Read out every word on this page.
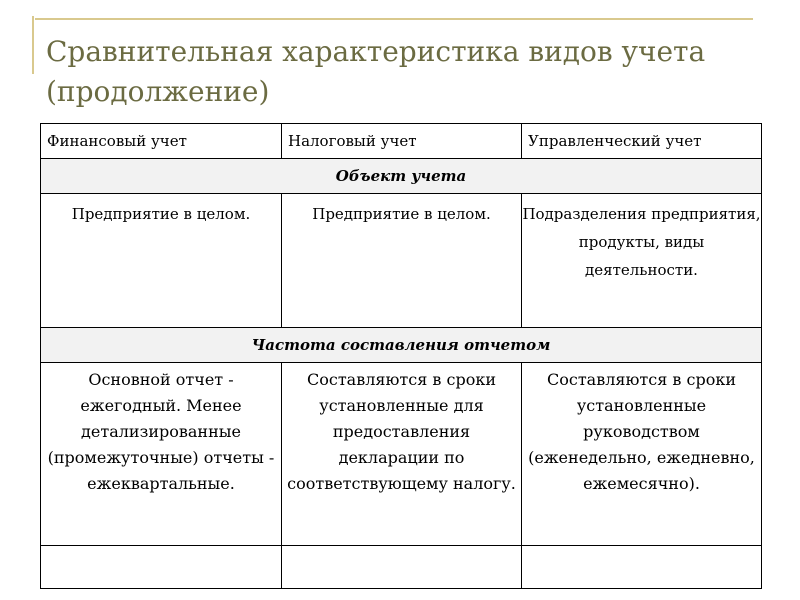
Сравнительная характеристика видов учета
(продолжение)
Финансовый учет	Налоговый учет	Управленческий учет
Объект учета		

Предприятие в целом.	Предприятие в целом.	Подразделения предприятия, продукты, виды деятельности.

Частота составления отчетом		

Основной отчет - ежегодный. Менее детализированные (промежуточные) отчеты - ежеквартальные.	Составляются в сроки установленные для предоставления декларации по соответствующему налогу.	Составляются в сроки установленные руководством (еженедельно, ежедневно, ежемесячно).
